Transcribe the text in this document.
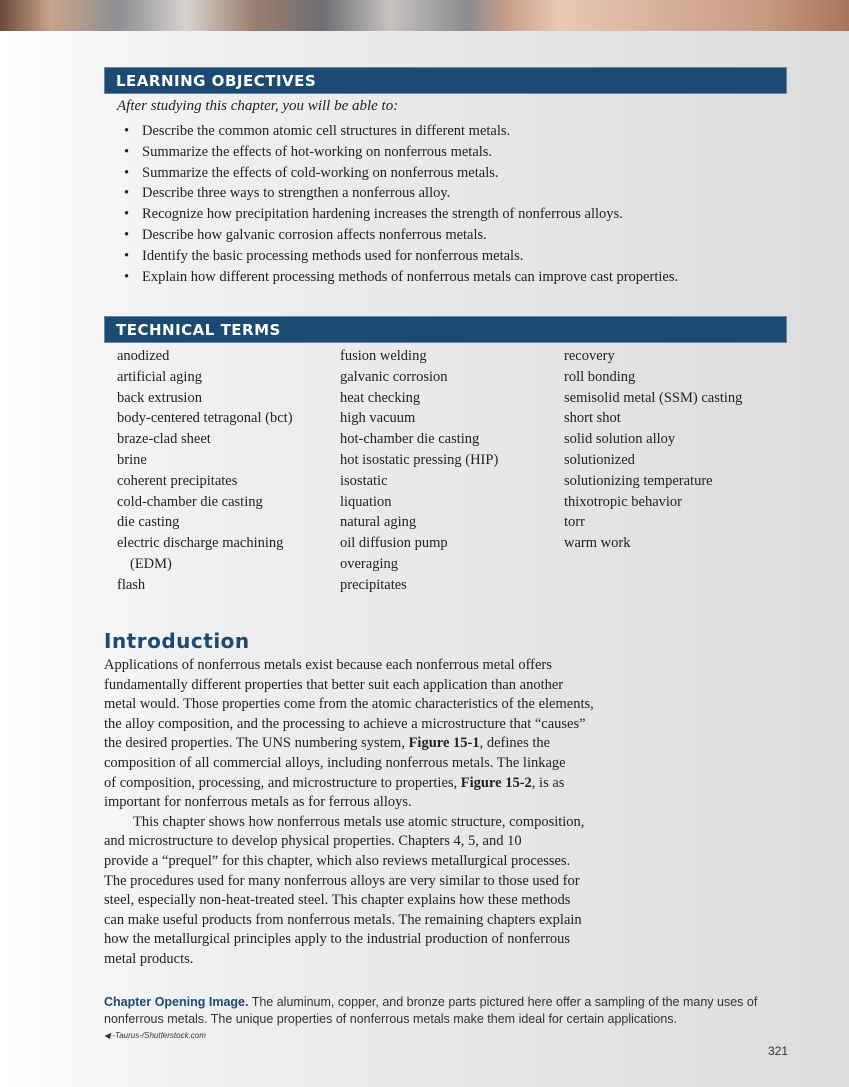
LEARNING OBJECTIVES
After studying this chapter, you will be able to:
• Describe the common atomic cell structures in different metals.
• Summarize the effects of hot-working on nonferrous metals.
• Summarize the effects of cold-working on nonferrous metals.
• Describe three ways to strengthen a nonferrous alloy.
• Recognize how precipitation hardening increases the strength of nonferrous alloys.
• Describe how galvanic corrosion affects nonferrous metals.
• Identify the basic processing methods used for nonferrous metals.
• Explain how different processing methods of nonferrous metals can improve cast properties.
TECHNICAL TERMS
anodized
artificial aging
back extrusion
body-centered tetragonal (bct)
braze-clad sheet
brine
coherent precipitates
cold-chamber die casting
die casting
electric discharge machining
(EDM)
flash
fusion welding
galvanic corrosion
heat checking
high vacuum
hot-chamber die casting
hot isostatic pressing (HIP)
isostatic
liquation
natural aging
oil diffusion pump
overaging
precipitates
recovery
roll bonding
semisolid metal (SSM) casting
short shot
solid solution alloy
solutionized
solutionizing temperature
thixotropic behavior
torr
warm work
Introduction
Applications of nonferrous metals exist because each nonferrous metal offers
fundamentally different properties that better suit each application than another
metal would. Those properties come from the atomic characteristics of the elements,
the alloy composition, and the processing to achieve a microstructure that “causes”
the desired properties. The UNS numbering system, Figure 15-1, defines the
composition of all commercial alloys, including nonferrous metals. The linkage
of composition, processing, and microstructure to properties, Figure 15-2, is as
important for nonferrous metals as for ferrous alloys.
This chapter shows how nonferrous metals use atomic structure, composition,
and microstructure to develop physical properties. Chapters 4, 5, and 10
provide a “prequel” for this chapter, which also reviews metallurgical processes.
The procedures used for many nonferrous alloys are very similar to those used for
steel, especially non-heat-treated steel. This chapter explains how these methods
can make useful products from nonferrous metals. The remaining chapters explain
how the metallurgical principles apply to the industrial production of nonferrous
metal products.
Chapter Opening Image. The aluminum, copper, and bronze parts pictured here offer a sampling of the many uses of nonferrous metals. The unique properties of nonferrous metals make them ideal for certain applications.
◀ -Taurus-/Shutterstock.com
321
